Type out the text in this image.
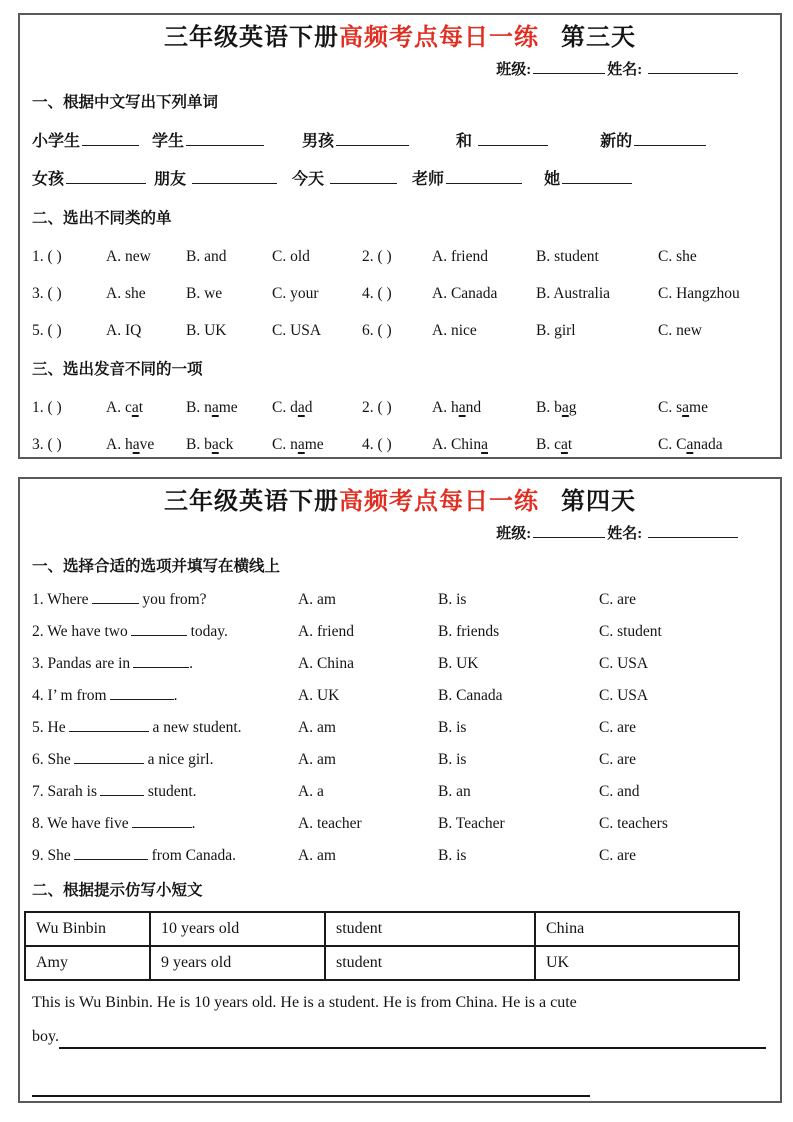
三年级英语下册高频考点每日一练 第三天
班级:	姓名:
一、根据中文写出下列单词
小学生	学生	男孩	和	新的
女孩	朋友	今天	老师	她
二、选出不同类的单
1. ( )	A. new	B. and	C. old	2. ( )	A. friend	B. student	C. she
3. ( )	A. she	B. we	C. your	4. ( )	A. Canada	B. Australia	C. Hangzhou
5. ( )	A. IQ	B. UK	C. USA	6. ( )	A. nice	B. girl	C. new
三、选出发音不同的一项
1. ( )	A. cat	B. name	C. dad	2. ( )	A. hand	B. bag	C. same
3. ( )	A. have	B. back	C. name	4. ( )	A. China	B. cat	C. Canada
三年级英语下册高频考点每日一练 第四天
班级:	姓名:
一、选择合适的选项并填写在横线上
1. Where	you from?	A. am	B. is	C. are
2. We have two	today.	A. friend	B. friends	C. student
3. Pandas are in	.	A. China	B. UK	C. USA
4. I’ m from	.	A. UK	B. Canada	C. USA
5. He	a new student.	A. am	B. is	C. are
6. She	a nice girl.	A. am	B. is	C. are
7. Sarah is	student.	A. a	B. an	C. and
8. We have five	.	A. teacher	B. Teacher	C. teachers
9. She	from Canada.	A. am	B. is	C. are
二、根据提示仿写小短文
Wu Binbin	10 years old	student	China
Amy	9 years old	student	UK
This is Wu Binbin. He is 10 years old. He is a student. He is from China. He is a cute
boy.
